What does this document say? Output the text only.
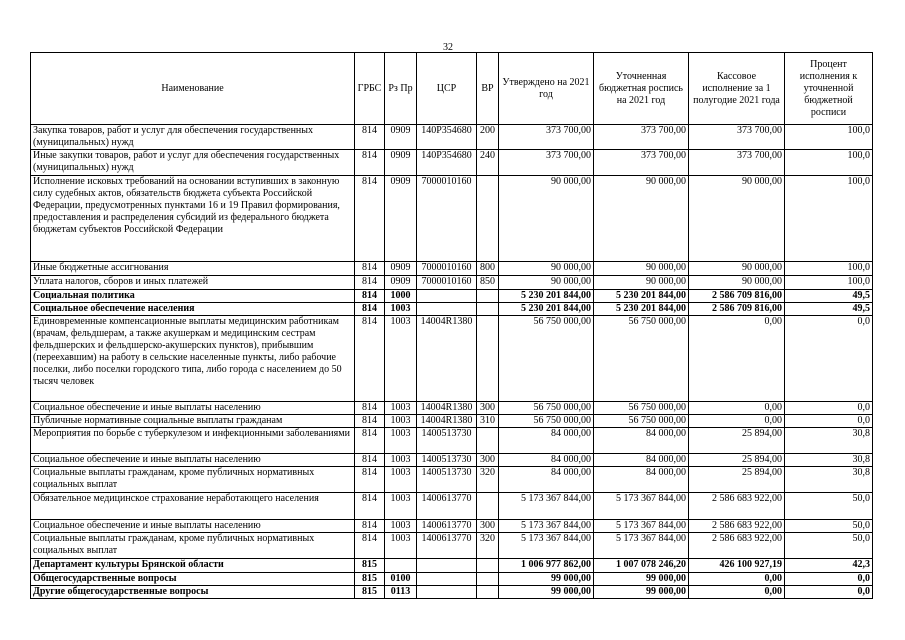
32
Наименование	ГРБС	Рз Пр	ЦСР	ВР	Утверждено на 2021 год	Уточненная бюджетная роспись на 2021 год	Кассовое исполнение за 1 полугодие 2021 года	Процент исполнения к уточненной бюджетной росписи
Закупка товаров, работ и услуг для обеспечения государственных (муниципальных) нужд	814	0909	140P354680	200	373 700,00	373 700,00	373 700,00	100,0
Иные закупки товаров, работ и услуг для обеспечения государственных (муниципальных) нужд	814	0909	140P354680	240	373 700,00	373 700,00	373 700,00	100,0
Исполнение исковых требований на основании вступивших в законную силу судебных актов, обязательств бюджета субъекта Российской Федерации, предусмотренных пунктами 16 и 19 Правил формирования, предоставления и распределения субсидий из федерального бюджета бюджетам субъектов Российской Федерации	814	0909	7000010160		90 000,00	90 000,00	90 000,00	100,0
Иные бюджетные ассигнования	814	0909	7000010160	800	90 000,00	90 000,00	90 000,00	100,0
Уплата налогов, сборов и иных платежей	814	0909	7000010160	850	90 000,00	90 000,00	90 000,00	100,0
Социальная политика	814	1000			5 230 201 844,00	5 230 201 844,00	2 586 709 816,00	49,5
Социальное обеспечение населения	814	1003			5 230 201 844,00	5 230 201 844,00	2 586 709 816,00	49,5
Единовременные компенсационные выплаты медицинским работникам (врачам, фельдшерам, а также акушеркам и медицинским сестрам фельдшерских и фельдшерско-акушерских пунктов), прибывшим (переехавшим) на работу в сельские населенные пункты, либо рабочие поселки, либо поселки городского типа, либо города с населением до 50 тысяч человек	814	1003	14004R1380		56 750 000,00	56 750 000,00	0,00	0,0
Социальное обеспечение и иные выплаты населению	814	1003	14004R1380	300	56 750 000,00	56 750 000,00	0,00	0,0
Публичные нормативные социальные выплаты гражданам	814	1003	14004R1380	310	56 750 000,00	56 750 000,00	0,00	0,0
Мероприятия по борьбе с туберкулезом и инфекционными заболеваниями	814	1003	1400513730		84 000,00	84 000,00	25 894,00	30,8
Социальное обеспечение и иные выплаты населению	814	1003	1400513730	300	84 000,00	84 000,00	25 894,00	30,8
Социальные выплаты гражданам, кроме публичных нормативных социальных выплат	814	1003	1400513730	320	84 000,00	84 000,00	25 894,00	30,8
Обязательное медицинское страхование неработающего населения	814	1003	1400613770		5 173 367 844,00	5 173 367 844,00	2 586 683 922,00	50,0
Социальное обеспечение и иные выплаты населению	814	1003	1400613770	300	5 173 367 844,00	5 173 367 844,00	2 586 683 922,00	50,0
Социальные выплаты гражданам, кроме публичных нормативных социальных выплат	814	1003	1400613770	320	5 173 367 844,00	5 173 367 844,00	2 586 683 922,00	50,0
Департамент культуры Брянской области	815				1 006 977 862,00	1 007 078 246,20	426 100 927,19	42,3
Общегосударственные вопросы	815	0100			99 000,00	99 000,00	0,00	0,0
Другие общегосударственные вопросы	815	0113			99 000,00	99 000,00	0,00	0,0
